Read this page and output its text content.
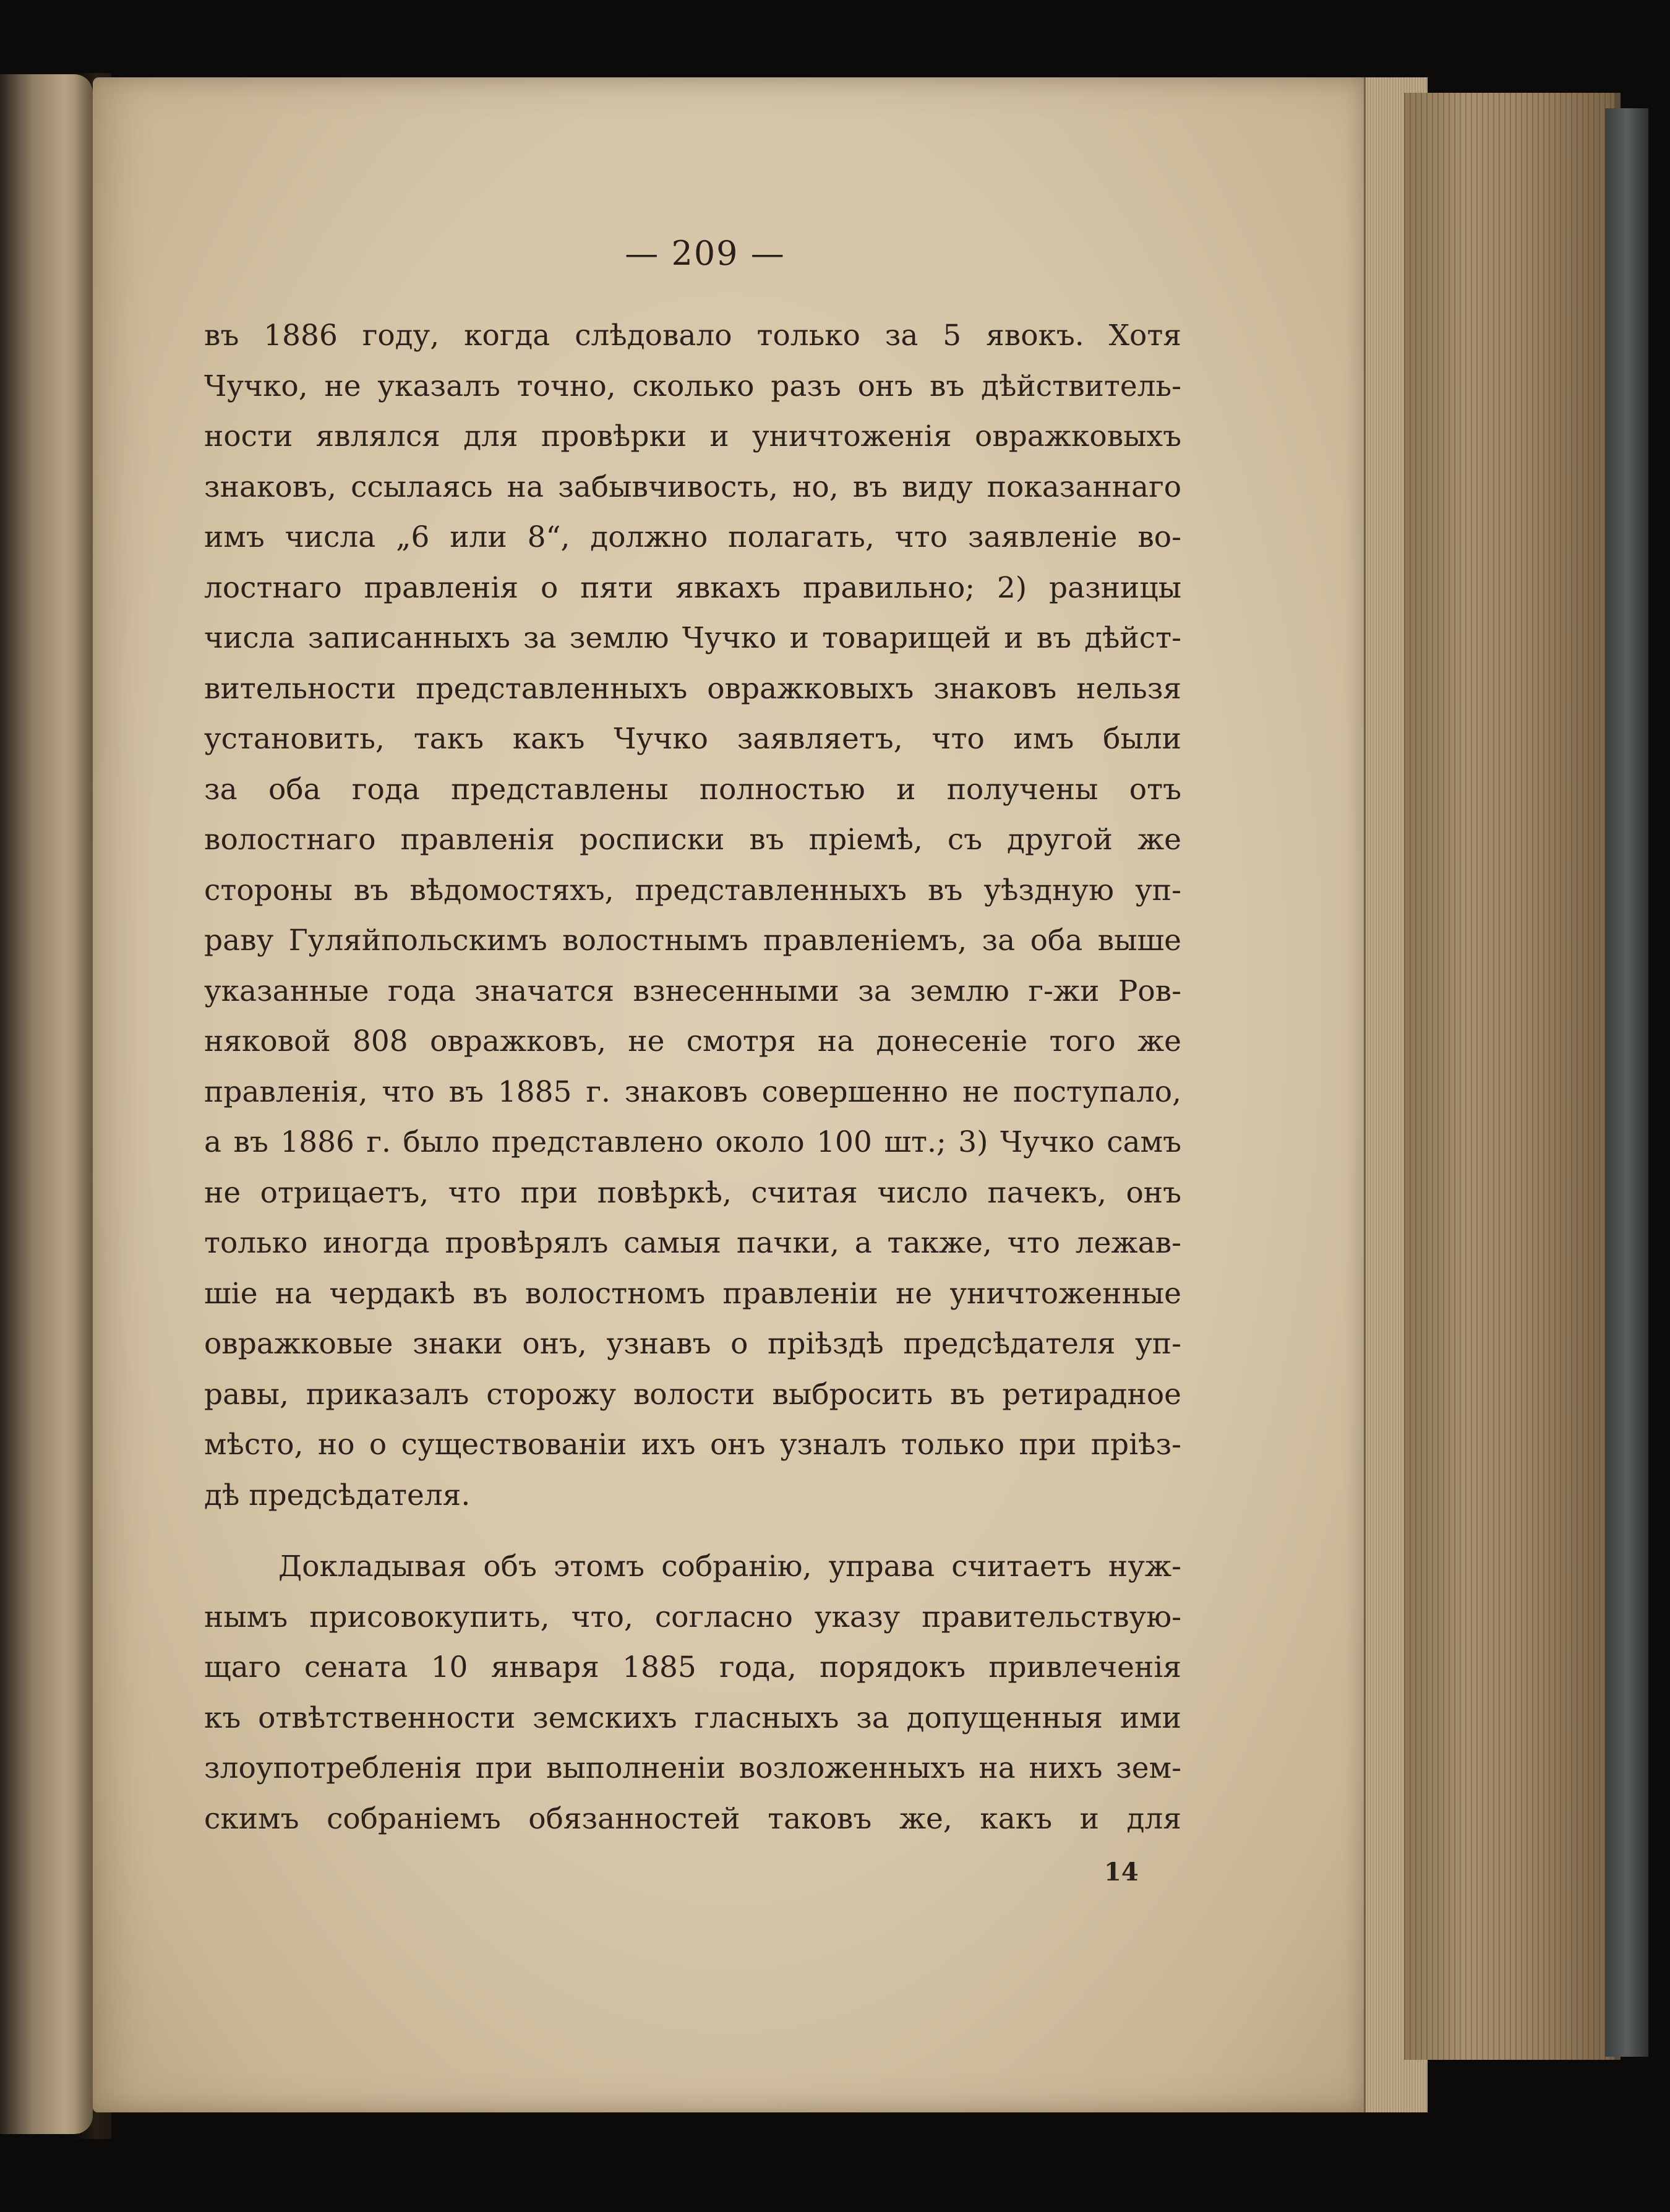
— 209 —
въ 1886 году, когда слѣдовало только за 5 явокъ. Хотя
Чучко, не указалъ точно, сколько разъ онъ въ дѣйствитель-
ности являлся для провѣрки и уничтоженія овражковыхъ
знаковъ, ссылаясь на забывчивость, но, въ виду показаннаго
имъ числа „6 или 8“, должно полагать, что заявленіе во-
лостнаго правленія о пяти явкахъ правильно; 2) разницы
числа записанныхъ за землю Чучко и товарищей и въ дѣйст-
вительности представленныхъ овражковыхъ знаковъ нельзя
установить, такъ какъ Чучко заявляетъ, что имъ были
за оба года представлены полностью и получены отъ
волостнаго правленія росписки въ пріемѣ, съ другой же
стороны въ вѣдомостяхъ, представленныхъ въ уѣздную уп-
раву Гуляйпольскимъ волостнымъ правленіемъ, за оба выше
указанные года значатся взнесенными за землю г-жи Ров-
няковой 808 овражковъ, не смотря на донесеніе того же
правленія, что въ 1885 г. знаковъ совершенно не поступало,
а въ 1886 г. было представлено около 100 шт.; 3) Чучко самъ
не отрицаетъ, что при повѣркѣ, считая число пачекъ, онъ
только иногда провѣрялъ самыя пачки, а также, что лежав-
шіе на чердакѣ въ волостномъ правленіи не уничтоженные
овражковые знаки онъ, узнавъ о пріѣздѣ предсѣдателя уп-
равы, приказалъ сторожу волости выбросить въ ретирадное
мѣсто, но о существованіи ихъ онъ узналъ только при пріѣз-
дѣ предсѣдателя.
Докладывая объ этомъ собранію, управа считаетъ нуж-
нымъ присовокупить, что, согласно указу правительствую-
щаго сената 10 января 1885 года, порядокъ привлеченія
къ отвѣтственности земскихъ гласныхъ за допущенныя ими
злоупотребленія при выполненіи возложенныхъ на нихъ зем-
скимъ собраніемъ обязанностей таковъ же, какъ и для
14
